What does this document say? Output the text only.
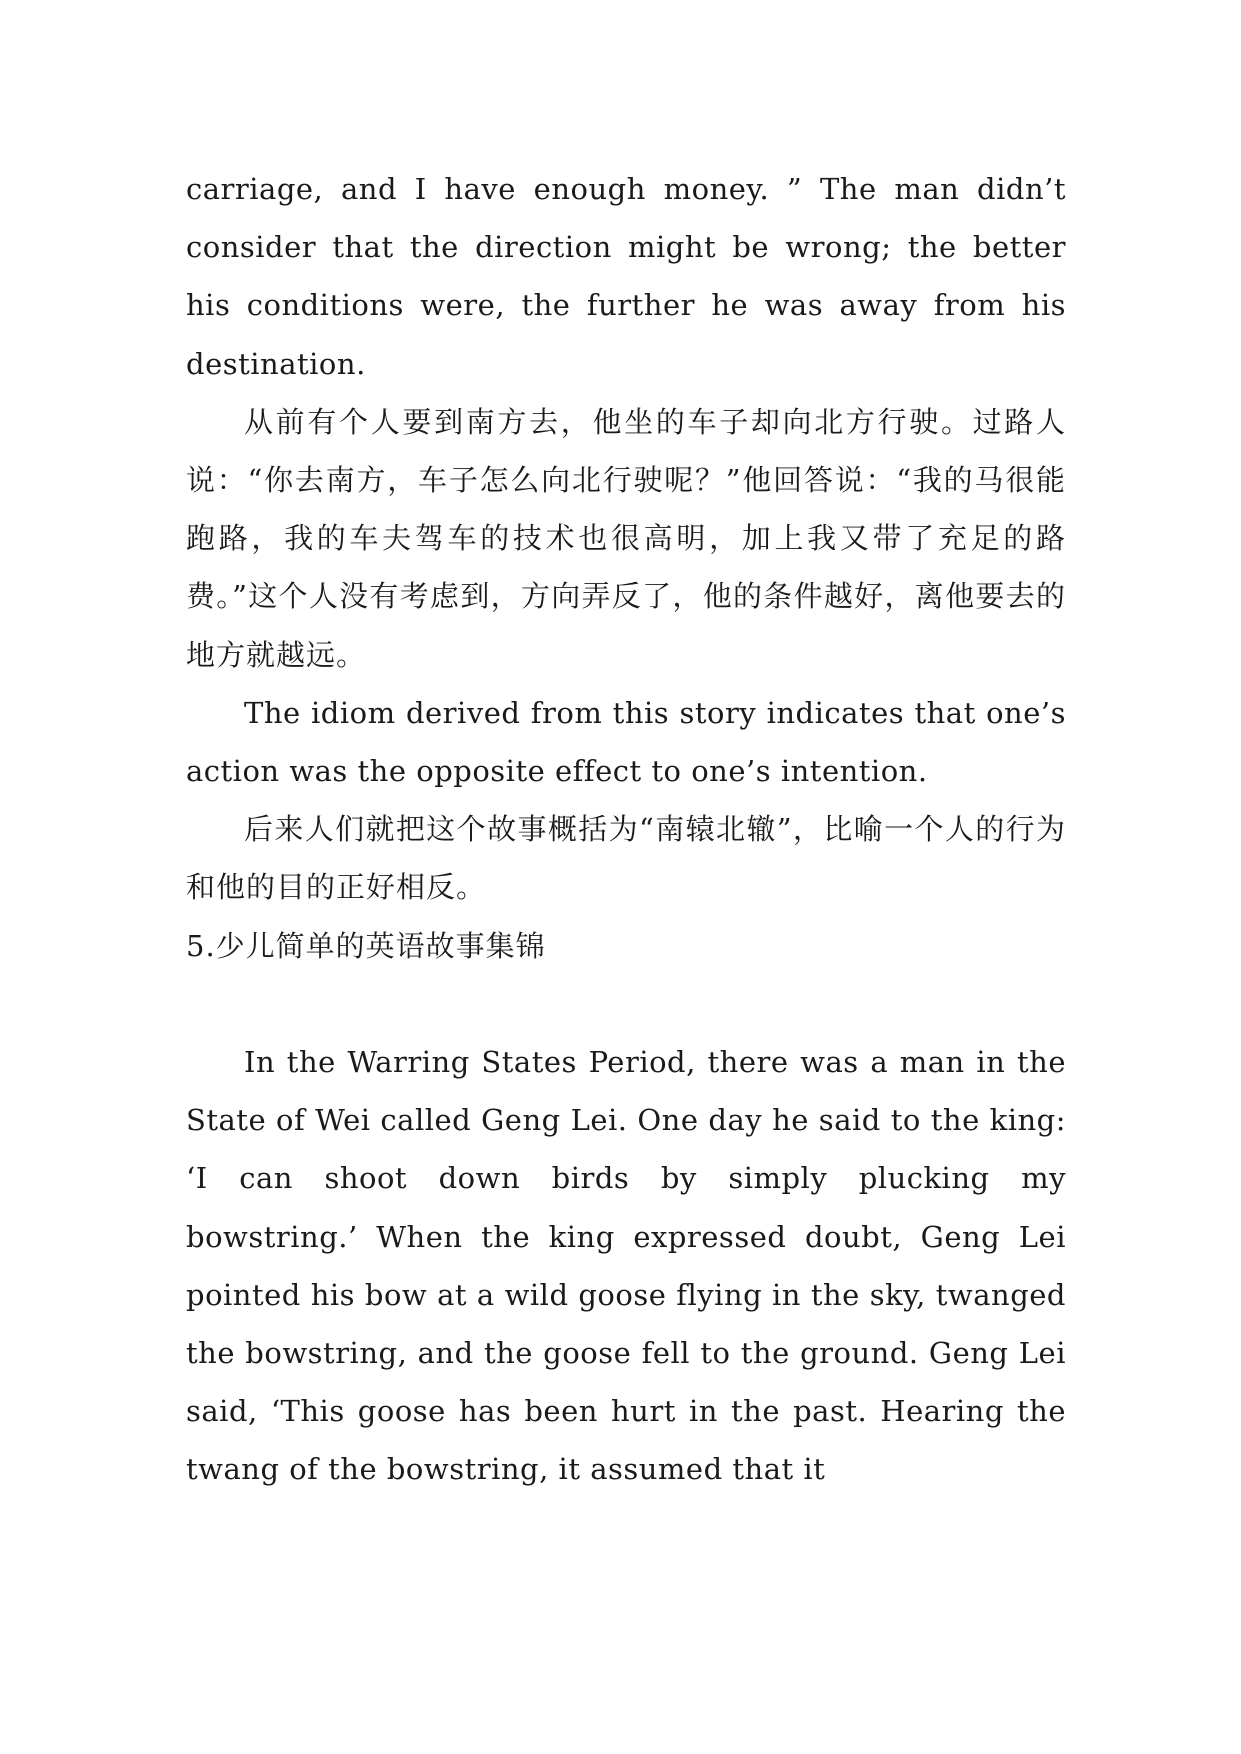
carriage, and I have enough money. ” The man didn’t consider that the direction might be wrong; the better his conditions were, the further he was away from his destination.

从前有个人要到南方去，他坐的车子却向北方行驶。过路人说：“你去南方，车子怎么向北行驶呢？”他回答说：“我的马很能跑路，我的车夫驾车的技术也很高明，加上我又带了充足的路费。”这个人没有考虑到，方向弄反了，他的条件越好，离他要去的地方就越远。

The idiom derived from this story indicates that one’s action was the opposite effect to one’s intention.

后来人们就把这个故事概括为“南辕北辙”，比喻一个人的行为和他的目的正好相反。

5.少儿简单的英语故事集锦

In the Warring States Period, there was a man in the State of Wei called Geng Lei. One day he said to the king: ‘I can shoot down birds by simply plucking my bowstring.’ When the king expressed doubt, Geng Lei pointed his bow at a wild goose flying in the sky, twanged the bowstring, and the goose fell to the ground. Geng Lei said, ‘This goose has been hurt in the past. Hearing the twang of the bowstring, it assumed that it
